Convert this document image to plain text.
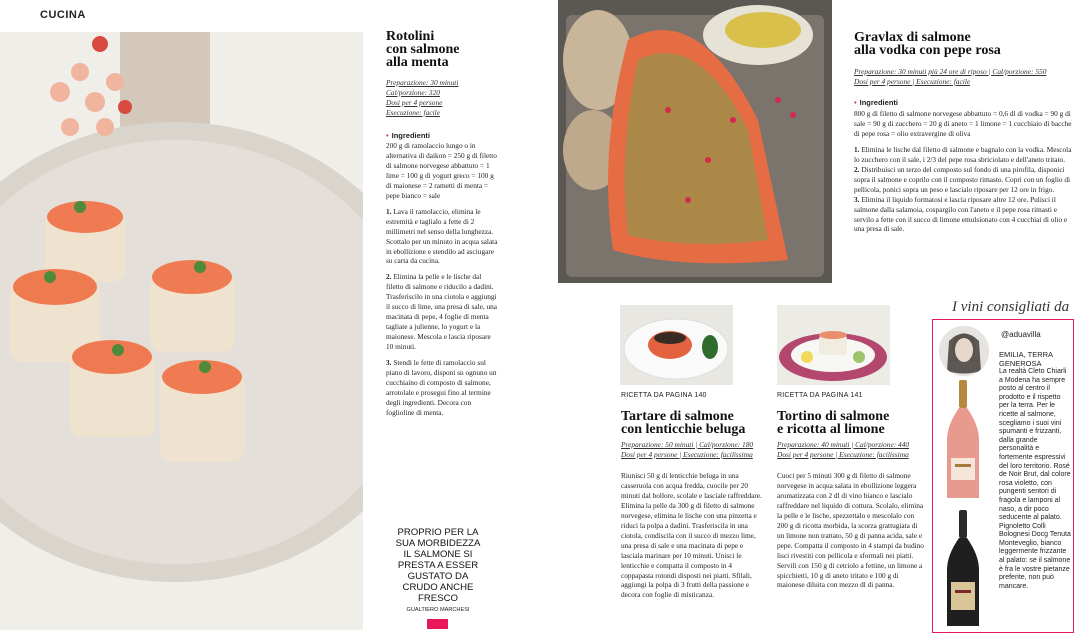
CUCINA
Rotolini
con salmone
alla menta
Preparazione: 30 minuti
Cal/porzione: 320
Dosi per 4 persone
Esecuzione: facile
• Ingredienti

200 g di ramolaccio lungo o in alternativa di daikon = 250 g di filetto di salmone norvegese abbattuto = 1 lime = 100 g di yogurt greco = 100 g di maionese = 2 rametti di menta = pepe bianco = sale

1. Lava il ramolaccio, elimina le estremità e taglialo a fette di 2 millimetri nel senso della lunghezza. Scottalo per un minuto in acqua salata in ebollizione e stendilo ad asciugare su carta da cucina.

2. Elimina la pelle e le lische dal filetto di salmone e riducilo a dadini. Trasferiscilo in una ciotola e aggiungi il succo di lime, una presa di sale, una macinata di pepe, 4 foglie di menta tagliate a julienne, lo yogurt e la maionese. Mescola e lascia riposare 10 minuti.

3. Stendi le fette di ramolaccio sul piano di lavoro, disponi su ognuno un cucchiaino di composto di salmone, arrotolale e prosegui fino al termine degli ingredienti. Decora con foglioline di menta.

PROPRIO PER LA SUA MORBIDEZZA IL SALMONE SI PRESTA A ESSER GUSTATO DA CRUDO ANCHE FRESCO
GUALTIERO MARCHESI
Gravlax di salmone
alla vodka con pepe rosa
Preparazione: 30 minuti più 24 ore di riposo | Cal/porzione: 550
Dosi per 4 persone | Esecuzione: facile
• Ingredienti

800 g di filetto di salmone norvegese abbattuto = 0,6 dl di vodka = 90 g di sale = 90 g di zucchero = 20 g di aneto = 1 limone = 1 cucchiaio di bacche di pepe rosa = olio extravergine di oliva

1. Elimina le lische dal filetto di salmone e bagnalo con la vodka. Mescola lo zucchero con il sale, i 2/3 del pepe rosa sbriciolato e dell'aneto tritato.
2. Distribuisci un terzo del composto sul fondo di una pirofila, disponici sopra il salmone e coprilo con il composto rimasto. Copri con un foglio di pellicola, ponici sopra un peso e lascialo riposare per 12 ore in frigo.
3. Elimina il liquido formatosi e lascia riposare altre 12 ore. Pulisci il salmone dalla salamoia, cospargilo con l'aneto e il pepe rosa rimasti e servilo a fette con il succo di limone emulsionato con 4 cucchiai di olio e una presa di sale.
RICETTA DA PAGINA 140
Tartare di salmone
con lenticchie beluga
Preparazione: 50 minuti | Cal/porzione: 180
Dosi per 4 persone | Esecuzione: facilissima
Riunisci 50 g di lenticchie beluga in una casseruola con acqua fredda, cuocile per 20 minuti dal bollore, scolale e lasciale raffreddare. Elimina la pelle da 300 g di filetto di salmone norvegese, elimina le lische con una pinzetta e riduci la polpa a dadini. Trasferiscila in una ciotola, condiscila con il succo di mezzo lime, una presa di sale e una macinata di pepe e lasciala marinare per 10 minuti. Unisci le lenticchie e compatta il composto in 4 coppapasta rotondi disposti nei piatti. Sfilali, aggiungi la polpa di 3 frutti della passione e decora con foglie di misticanza.
RICETTA DA PAGINA 141
Tortino di salmone
e ricotta al limone
Preparazione: 40 minuti | Cal/porzione: 440
Dosi per 4 persone | Esecuzione: facilissima
Cuoci per 5 minuti 300 g di filetto di salmone norvegese in acqua salata in ebollizione leggera aromatizzata con 2 dl di vino bianco e lascialo raffreddare nel liquido di cottura. Scolalo, elimina la pelle e le lische, spezzettalo e mescolalo con 200 g di ricotta morbida, la scorza grattugiata di un limone non trattato, 50 g di panna acida, sale e pepe. Compatta il composto in 4 stampi da budino lisci rivestiti con pellicola e sformali nei piatti. Servili con 150 g di cetriolo a fettine, un limone a spicchietti, 10 g di aneto tritato e 100 g di maionese diluita con mezzo dl di panna.
I vini consigliati da
@aduavilla
EMILIA, TERRA GENEROSA
La realtà Cleto Chiarli a Modena ha sempre posto al centro il prodotto e il rispetto per la terra. Per le ricette al salmone, scegliamo i suoi vini spumanti e frizzanti, dalla grande personalità e fortemente espressivi del loro territorio. Rosé de Noir Brut, dal colore rosa violetto, con pungenti sentori di fragola e lamponi al naso, a dir poco seducente al palato. Pignoletto Colli Bolognesi Docg Tenuta Monteveglio, bianco leggermente frizzante al palato: se il salmone è fra le vostre pietanze preferite, non può mancare.
